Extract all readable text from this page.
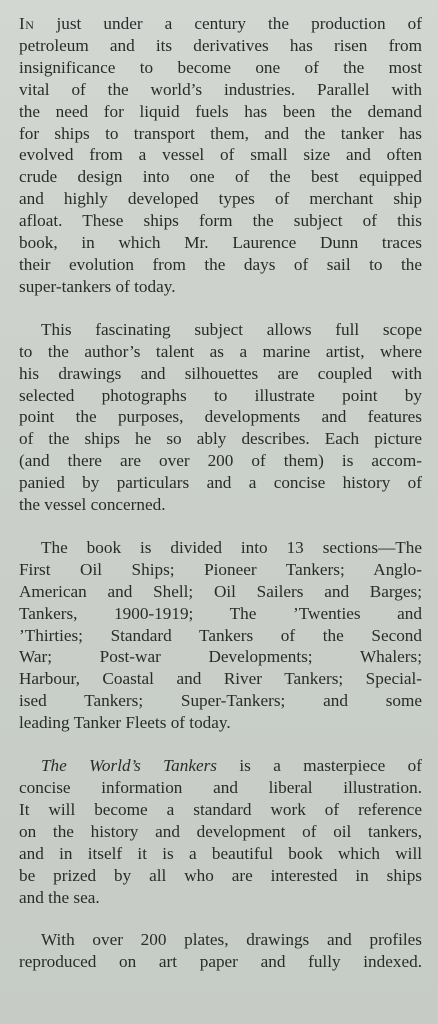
In just under a century the production of
petroleum and its derivatives has risen from
insignificance to become one of the most
vital of the world’s industries. Parallel with
the need for liquid fuels has been the demand
for ships to transport them, and the tanker has
evolved from a vessel of small size and often
crude design into one of the best equipped
and highly developed types of merchant ship
afloat. These ships form the subject of this
book, in which Mr. Laurence Dunn traces
their evolution from the days of sail to the
super-tankers of today.
This fascinating subject allows full scope
to the author’s talent as a marine artist, where
his drawings and silhouettes are coupled with
selected photographs to illustrate point by
point the purposes, developments and features
of the ships he so ably describes. Each picture
(and there are over 200 of them) is accom-
panied by particulars and a concise history of
the vessel concerned.
The book is divided into 13 sections—The
First Oil Ships; Pioneer Tankers; Anglo-
American and Shell; Oil Sailers and Barges;
Tankers, 1900-1919; The ’Twenties and
’Thirties; Standard Tankers of the Second
War; Post-war Developments; Whalers;
Harbour, Coastal and River Tankers; Special-
ised Tankers; Super-Tankers; and some
leading Tanker Fleets of today.
The World’s Tankers is a masterpiece of
concise information and liberal illustration.
It will become a standard work of reference
on the history and development of oil tankers,
and in itself it is a beautiful book which will
be prized by all who are interested in ships
and the sea.
With over 200 plates, drawings and profiles
reproduced on art paper and fully indexed.
